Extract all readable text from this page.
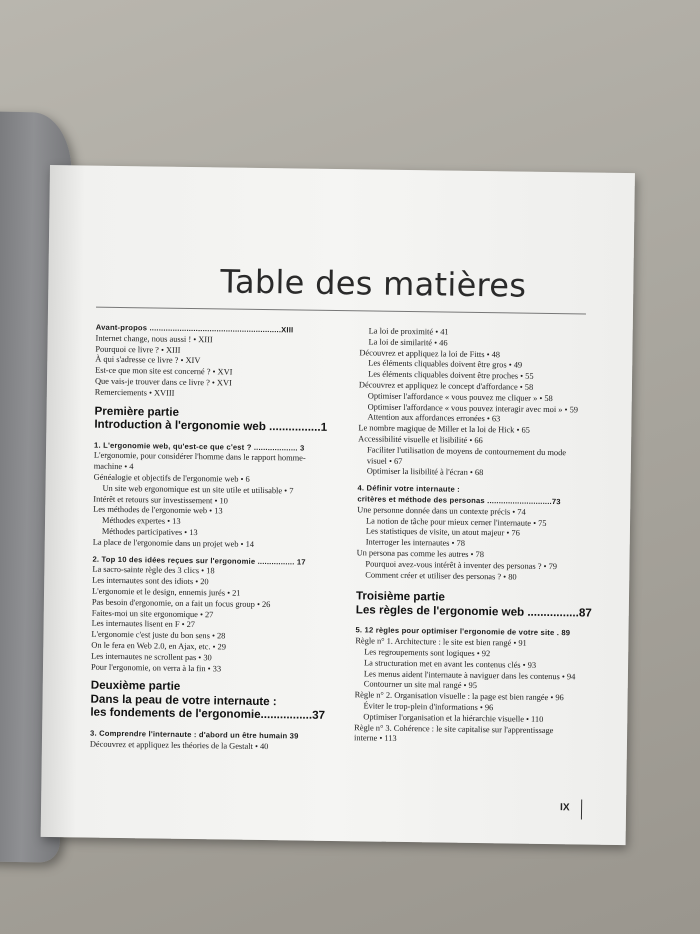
Table des matières
Avant-propos .........................................................XIII
Internet change, nous aussi ! • XIII
Pourquoi ce livre ? • XIII
À qui s'adresse ce livre ? • XIV
Est-ce que mon site est concerné ? • XVI
Que vais-je trouver dans ce livre ? • XVI
Remerciements • XVIII
Première partie
Introduction à l'ergonomie web ................1
1. L'ergonomie web, qu'est-ce que c'est ? ................... 3
L'ergonomie, pour considérer l'homme dans le rapport homme-
machine • 4
Généalogie et objectifs de l'ergonomie web • 6
Un site web ergonomique est un site utile et utilisable • 7
Intérêt et retours sur investissement • 10
Les méthodes de l'ergonomie web • 13
Méthodes expertes • 13
Méthodes participatives • 13
La place de l'ergonomie dans un projet web • 14
2. Top 10 des idées reçues sur l'ergonomie ................ 17
La sacro-sainte règle des 3 clics • 18
Les internautes sont des idiots • 20
L'ergonomie et le design, ennemis jurés • 21
Pas besoin d'ergonomie, on a fait un focus group • 26
Faites-moi un site ergonomique • 27
Les internautes lisent en F • 27
L'ergonomie c'est juste du bon sens • 28
On le fera en Web 2.0, en Ajax, etc. • 29
Les internautes ne scrollent pas • 30
Pour l'ergonomie, on verra à la fin • 33
Deuxième partie
Dans la peau de votre internaute :
les fondements de l'ergonomie................37
3. Comprendre l'internaute : d'abord un être humain 39
Découvrez et appliquez les théories de la Gestalt • 40
La loi de proximité • 41
La loi de similarité • 46
Découvrez et appliquez la loi de Fitts • 48
Les éléments cliquables doivent être gros • 49
Les éléments cliquables doivent être proches • 55
Découvrez et appliquez le concept d'affordance • 58
Optimiser l'affordance « vous pouvez me cliquer » • 58
Optimiser l'affordance « vous pouvez interagir avec moi » • 59
Attention aux affordances erronées • 63
Le nombre magique de Miller et la loi de Hick • 65
Accessibilité visuelle et lisibilité • 66
Faciliter l'utilisation de moyens de contournement du mode
visuel • 67
Optimiser la lisibilité à l'écran • 68
4. Définir votre internaute :
critères et méthode des personas ............................73
Une personne donnée dans un contexte précis • 74
La notion de tâche pour mieux cerner l'internaute • 75
Les statistiques de visite, un atout majeur • 76
Interroger les internautes • 78
Un persona pas comme les autres • 78
Pourquoi avez-vous intérêt à inventer des personas ? • 79
Comment créer et utiliser des personas ? • 80
Troisième partie
Les règles de l'ergonomie web ................87
5. 12 règles pour optimiser l'ergonomie de votre site . 89
Règle n° 1. Architecture : le site est bien rangé • 91
Les regroupements sont logiques • 92
La structuration met en avant les contenus clés • 93
Les menus aident l'internaute à naviguer dans les contenus • 94
Contourner un site mal rangé • 95
Règle n° 2. Organisation visuelle : la page est bien rangée • 96
Éviter le trop-plein d'informations • 96
Optimiser l'organisation et la hiérarchie visuelle • 110
Règle n° 3. Cohérence : le site capitalise sur l'apprentissage
interne • 113
IX
